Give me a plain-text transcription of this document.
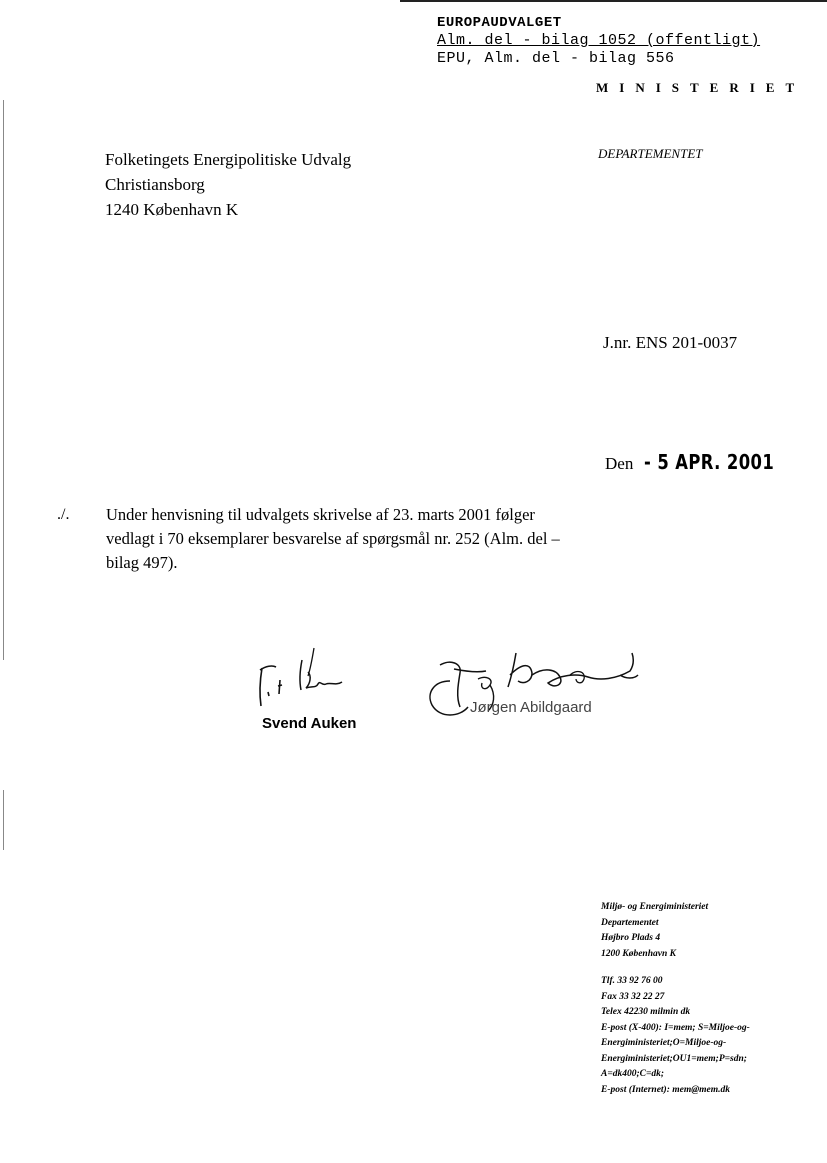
EUROPAUDVALGET
Alm. del - bilag 1052 (offentligt)
EPU, Alm. del - bilag 556
MINISTERIET
DEPARTEMENTET
Folketingets Energipolitiske Udvalg
Christiansborg
1240 København K
J.nr. ENS 201-0037
Den - 5 APR. 2001
./. Under henvisning til udvalgets skrivelse af 23. marts 2001 følger vedlagt i 70 eksemplarer besvarelse af spørgsmål nr. 252 (Alm. del – bilag 497).
Svend Auken
Jørgen Abildgaard
Miljø- og Energiministeriet
Departementet
Højbro Plads 4
1200 København K
Tlf. 33 92 76 00
Fax 33 32 22 27
Telex 42230 milmin dk
E-post (X-400): I=mem; S=Miljoe-og-
Energiministeriet;O=Miljoe-og-
Energiministeriet;OU1=mem;P=sdn;
A=dk400;C=dk;
E-post (Internet): mem@mem.dk
